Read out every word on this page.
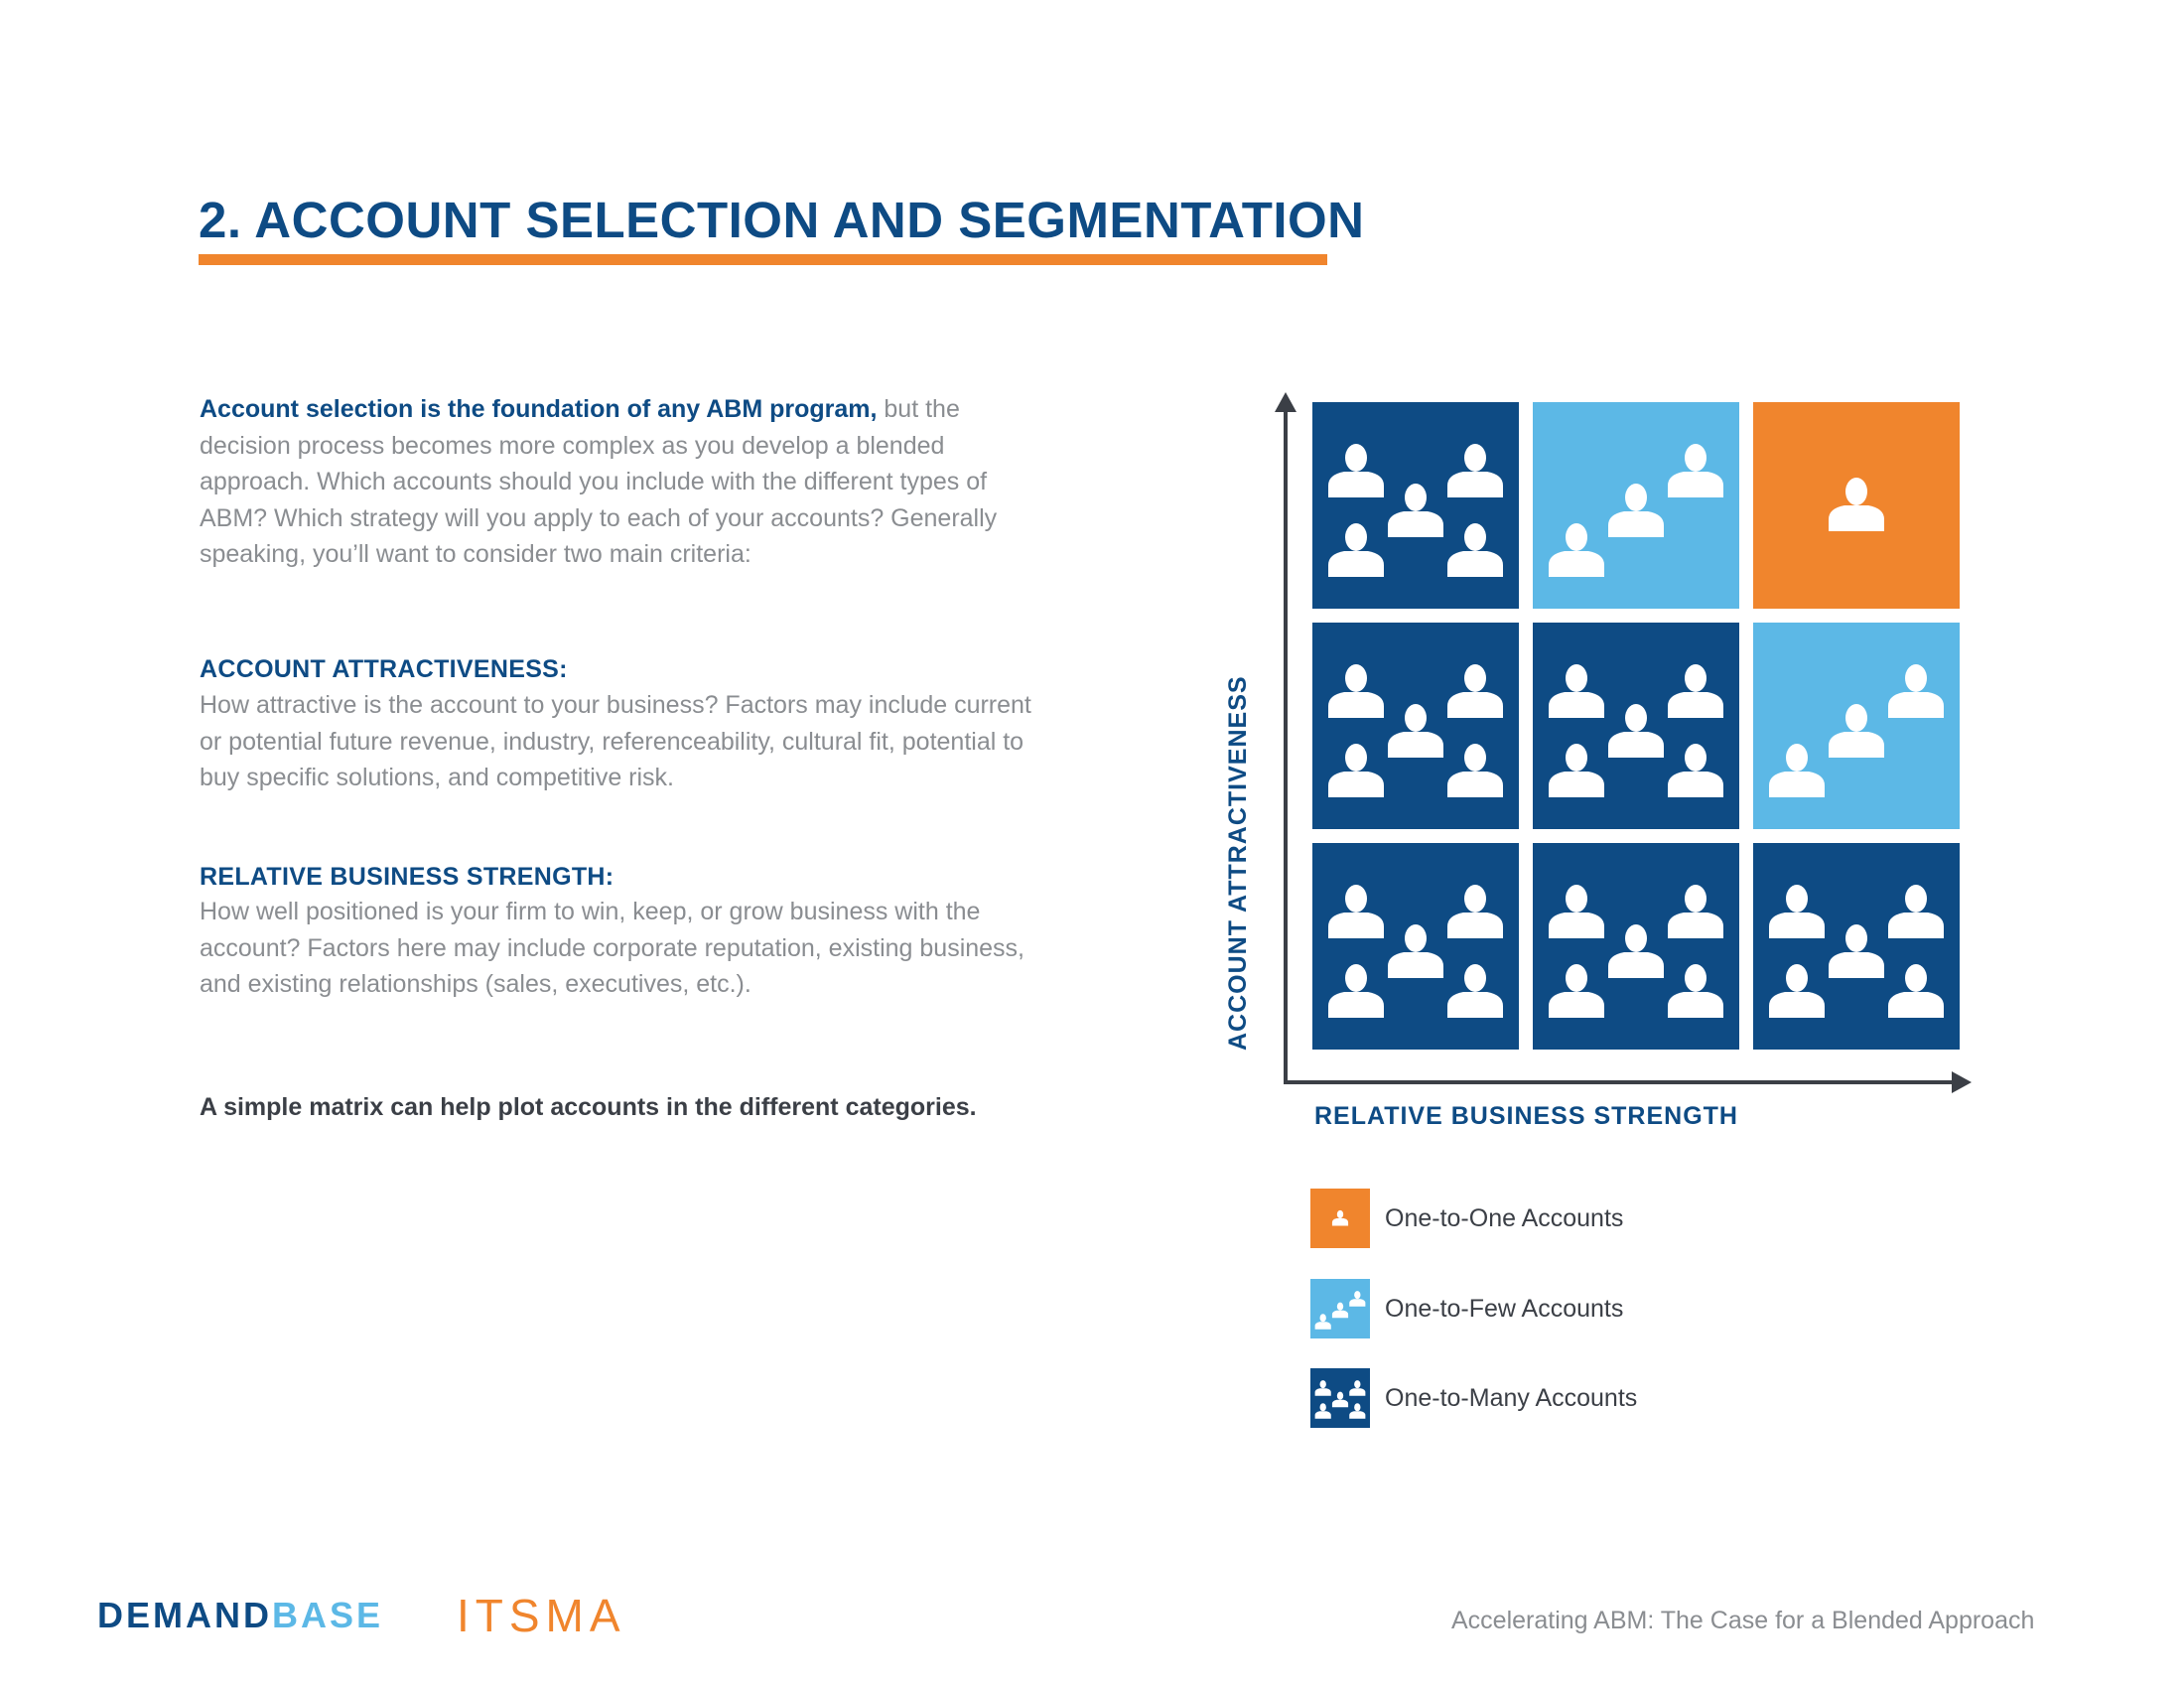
2. ACCOUNT SELECTION AND SEGMENTATION
Account selection is the foundation of any ABM program, but the decision process becomes more complex as you develop a blended approach. Which accounts should you include with the different types of ABM? Which strategy will you apply to each of your accounts? Generally speaking, you’ll want to consider two main criteria:
ACCOUNT ATTRACTIVENESS:
How attractive is the account to your business? Factors may include current or potential future revenue, industry, referenceability, cultural fit, potential to buy specific solutions, and competitive risk.
RELATIVE BUSINESS STRENGTH:
How well positioned is your firm to win, keep, or grow business with the account? Factors here may include corporate reputation, existing business, and existing relationships (sales, executives, etc.).
A simple matrix can help plot accounts in the different categories.
ACCOUNT ATTRACTIVENESS
RELATIVE BUSINESS STRENGTH
One-to-One Accounts
One-to-Few Accounts
One-to-Many Accounts
DEMANDBASE ITSMA	Accelerating ABM: The Case for a Blended Approach
